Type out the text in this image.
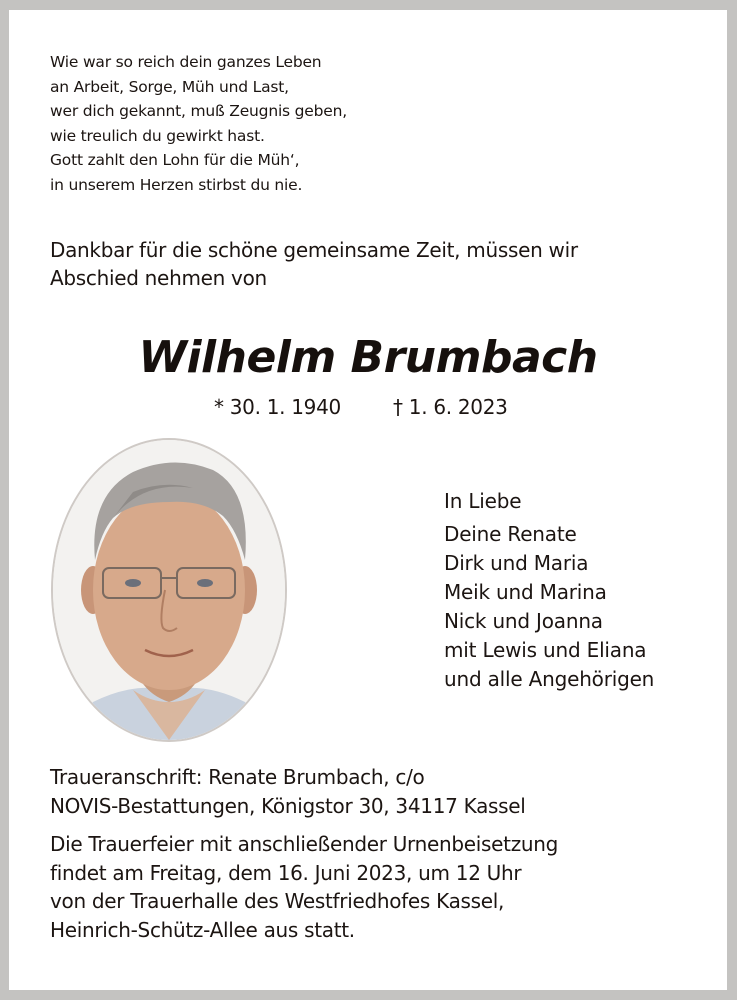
Wie war so reich dein ganzes Leben
an Arbeit, Sorge, Müh und Last,
wer dich gekannt, muß Zeugnis geben,
wie treulich du gewirkt hast.
Gott zahlt den Lohn für die Müh‘,
in unserem Herzen stirbst du nie.
Dankbar für die schöne gemeinsame Zeit, müssen wir
Abschied nehmen von
Wilhelm Brumbach
* 30. 1. 1940	† 1. 6. 2023
In Liebe
Deine Renate
Dirk und Maria
Meik und Marina
Nick und Joanna
mit Lewis und Eliana
und alle Angehörigen
Traueranschrift: Renate Brumbach, c/o
NOVIS-Bestattungen, Königstor 30, 34117 Kassel
Die Trauerfeier mit anschließender Urnenbeisetzung
findet am Freitag, dem 16. Juni 2023, um 12 Uhr
von der Trauerhalle des Westfriedhofes Kassel,
Heinrich-Schütz-Allee aus statt.
